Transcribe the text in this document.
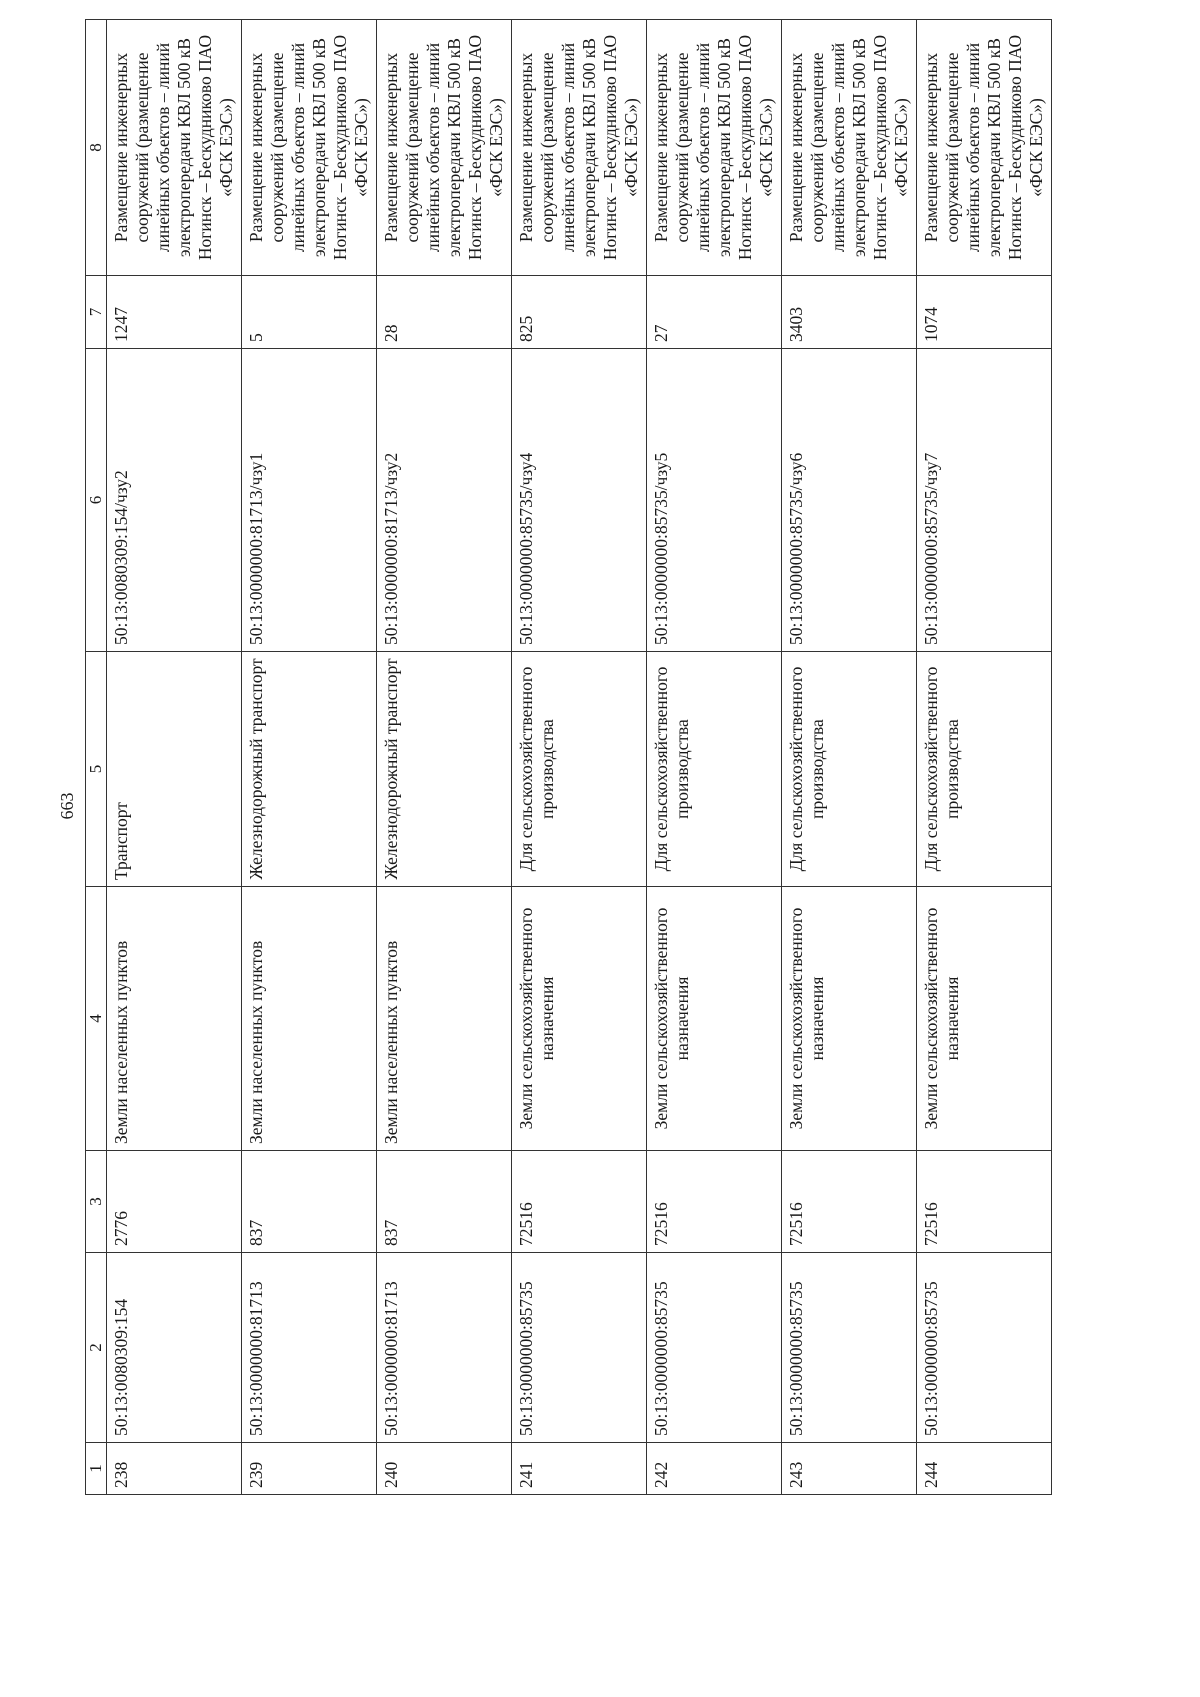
663
1	2	3	4	5	6	7	8
238	50:13:0080309:154	2776	Земли населенных пунктов	Транспорт	50:13:0080309:154/чзу2	1247	Размещение инженерных сооружений (размещение линейных объектов – линий электропередачи КВЛ 500 кВ Ногинск – Бескудниково ПАО «ФСК ЕЭС»)
239	50:13:0000000:81713	837	Земли населенных пунктов	Железнодорожный транспорт	50:13:0000000:81713/чзу1	5	Размещение инженерных сооружений (размещение линейных объектов – линий электропередачи КВЛ 500 кВ Ногинск – Бескудниково ПАО «ФСК ЕЭС»)
240	50:13:0000000:81713	837	Земли населенных пунктов	Железнодорожный транспорт	50:13:0000000:81713/чзу2	28	Размещение инженерных сооружений (размещение линейных объектов – линий электропередачи КВЛ 500 кВ Ногинск – Бескудниково ПАО «ФСК ЕЭС»)
241	50:13:0000000:85735	72516	Земли сельскохозяйственного назначения	Для сельскохозяйственного производства	50:13:0000000:85735/чзу4	825	Размещение инженерных сооружений (размещение линейных объектов – линий электропередачи КВЛ 500 кВ Ногинск – Бескудниково ПАО «ФСК ЕЭС»)
242	50:13:0000000:85735	72516	Земли сельскохозяйственного назначения	Для сельскохозяйственного производства	50:13:0000000:85735/чзу5	27	Размещение инженерных сооружений (размещение линейных объектов – линий электропередачи КВЛ 500 кВ Ногинск – Бескудниково ПАО «ФСК ЕЭС»)
243	50:13:0000000:85735	72516	Земли сельскохозяйственного назначения	Для сельскохозяйственного производства	50:13:0000000:85735/чзу6	3403	Размещение инженерных сооружений (размещение линейных объектов – линий электропередачи КВЛ 500 кВ Ногинск – Бескудниково ПАО «ФСК ЕЭС»)
244	50:13:0000000:85735	72516	Земли сельскохозяйственного назначения	Для сельскохозяйственного производства	50:13:0000000:85735/чзу7	1074	Размещение инженерных сооружений (размещение линейных объектов – линий электропередачи КВЛ 500 кВ Ногинск – Бескудниково ПАО «ФСК ЕЭС»)
